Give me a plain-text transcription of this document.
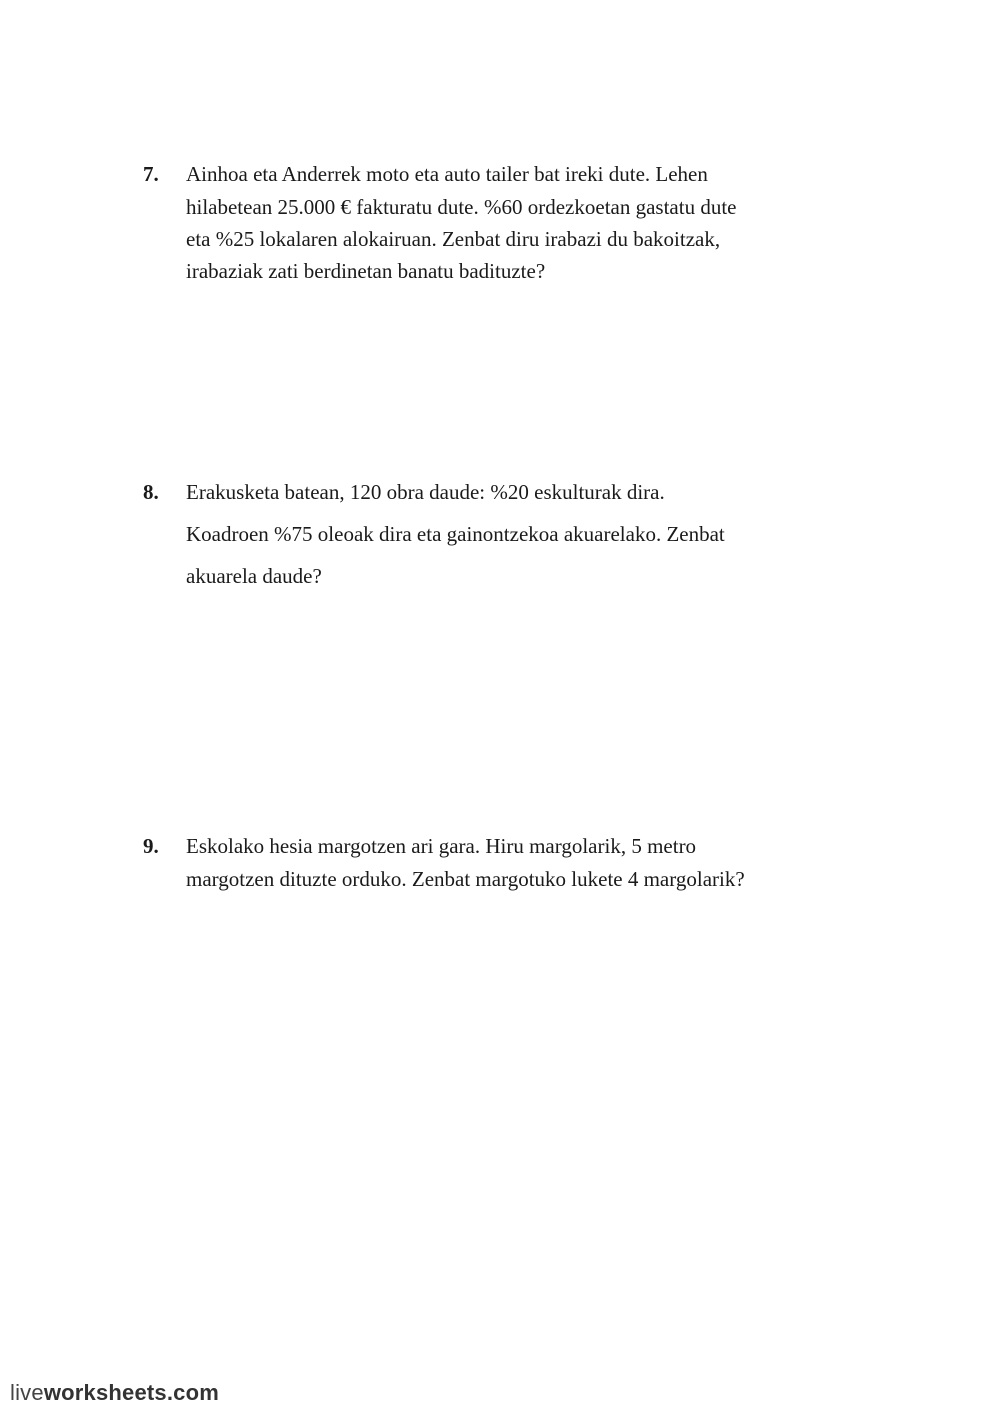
7. Ainhoa eta Anderrek moto eta auto tailer bat ireki dute. Lehen
hilabetean 25.000 € fakturatu dute. %60 ordezkoetan gastatu dute
eta %25 lokalaren alokairuan. Zenbat diru irabazi du bakoitzak,
irabaziak zati berdinetan banatu badituzte?
8. Erakusketa batean, 120 obra daude: %20 eskulturak dira.
Koadroen %75 oleoak dira eta gainontzekoa akuarelako. Zenbat
akuarela daude?
9. Eskolako hesia margotzen ari gara. Hiru margolarik, 5 metro
margotzen dituzte orduko. Zenbat margotuko lukete 4 margolarik?
liveworksheets.com
